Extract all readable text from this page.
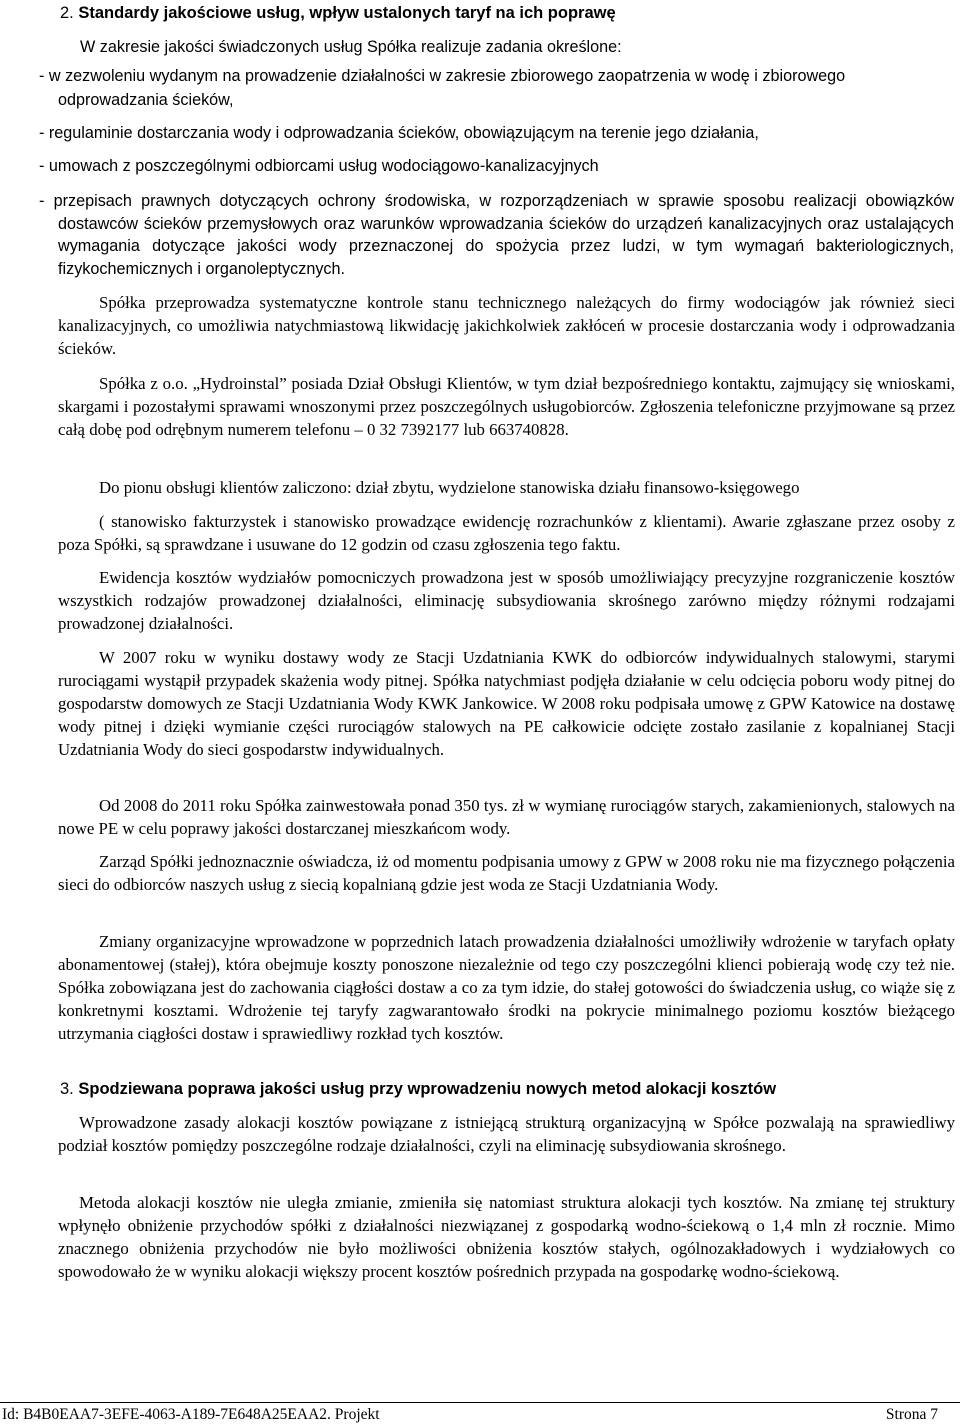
2. Standardy jakościowe usług, wpływ ustalonych taryf na ich poprawę

W zakresie jakości świadczonych usług Spółka realizuje zadania określone:

- w zezwoleniu wydanym na prowadzenie działalności w zakresie zbiorowego zaopatrzenia w wodę i zbiorowego odprowadzania ścieków,

- regulaminie dostarczania wody i odprowadzania ścieków, obowiązującym na terenie jego działania,

- umowach z poszczególnymi odbiorcami usług wodociągowo-kanalizacyjnych

- przepisach prawnych dotyczących ochrony środowiska, w rozporządzeniach w sprawie sposobu realizacji obowiązków dostawców ścieków przemysłowych oraz warunków wprowadzania ścieków do urządzeń kanalizacyjnych oraz ustalających wymagania dotyczące jakości wody przeznaczonej do spożycia przez ludzi, w tym wymagań bakteriologicznych, fizykochemicznych i organoleptycznych.

Spółka przeprowadza systematyczne kontrole stanu technicznego należących do firmy wodociągów jak również sieci kanalizacyjnych, co umożliwia natychmiastową likwidację jakichkolwiek zakłóceń w procesie dostarczania wody i odprowadzania ścieków.

Spółka z o.o. „Hydroinstal” posiada Dział Obsługi Klientów, w tym dział bezpośredniego kontaktu, zajmujący się wnioskami, skargami i pozostałymi sprawami wnoszonymi przez poszczególnych usługobiorców. Zgłoszenia telefoniczne przyjmowane są przez całą dobę pod odrębnym numerem telefonu – 0 32 7392177 lub 663740828.

Do pionu obsługi klientów zaliczono: dział zbytu, wydzielone stanowiska działu finansowo-księgowego

( stanowisko fakturzystek i stanowisko prowadzące ewidencję rozrachunków z klientami). Awarie zgłaszane przez osoby z poza Spółki, są sprawdzane i usuwane do 12 godzin od czasu zgłoszenia tego faktu.

Ewidencja kosztów wydziałów pomocniczych prowadzona jest w sposób umożliwiający precyzyjne rozgraniczenie kosztów wszystkich rodzajów prowadzonej działalności, eliminację subsydiowania skrośnego zarówno między różnymi rodzajami prowadzonej działalności.

W 2007 roku w wyniku dostawy wody ze Stacji Uzdatniania KWK do odbiorców indywidualnych stalowymi, starymi rurociągami wystąpił przypadek skażenia wody pitnej. Spółka natychmiast podjęła działanie w celu odcięcia poboru wody pitnej do gospodarstw domowych ze Stacji Uzdatniania Wody KWK Jankowice. W 2008 roku podpisała umowę z GPW Katowice na dostawę wody pitnej i dzięki wymianie części rurociągów stalowych na PE całkowicie odcięte zostało zasilanie z kopalnianej Stacji Uzdatniania Wody do sieci gospodarstw indywidualnych.

Od 2008 do 2011 roku Spółka zainwestowała ponad 350 tys. zł w wymianę rurociągów starych, zakamienionych, stalowych na nowe PE w celu poprawy jakości dostarczanej mieszkańcom wody.

Zarząd Spółki jednoznacznie oświadcza, iż od momentu podpisania umowy z GPW w 2008 roku nie ma fizycznego połączenia sieci do odbiorców naszych usług z siecią kopalnianą gdzie jest woda ze Stacji Uzdatniania Wody.

Zmiany organizacyjne wprowadzone w poprzednich latach prowadzenia działalności umożliwiły wdrożenie w taryfach opłaty abonamentowej (stałej), która obejmuje koszty ponoszone niezależnie od tego czy poszczególni klienci pobierają wodę czy też nie. Spółka zobowiązana jest do zachowania ciągłości dostaw a co za tym idzie, do stałej gotowości do świadczenia usług, co wiąże się z konkretnymi kosztami. Wdrożenie tej taryfy zagwarantowało środki na pokrycie minimalnego poziomu kosztów bieżącego utrzymania ciągłości dostaw i sprawiedliwy rozkład tych kosztów.

3. Spodziewana poprawa jakości usług przy wprowadzeniu nowych metod alokacji kosztów

Wprowadzone zasady alokacji kosztów powiązane z istniejącą strukturą organizacyjną w Spółce pozwalają na sprawiedliwy podział kosztów pomiędzy poszczególne rodzaje działalności, czyli na eliminację subsydiowania skrośnego.

Metoda alokacji kosztów nie uległa zmianie, zmieniła się natomiast struktura alokacji tych kosztów. Na zmianę tej struktury wpłynęło obniżenie przychodów spółki z działalności niezwiązanej z gospodarką wodno-ściekową o 1,4 mln zł rocznie. Mimo znacznego obniżenia przychodów nie było możliwości obniżenia kosztów stałych, ogólnozakładowych i wydziałowych co spowodowało że w wyniku alokacji większy procent kosztów pośrednich przypada na gospodarkę wodno-ściekową.

Id: B4B0EAA7-3EFE-4063-A189-7E648A25EAA2. Projekt	Strona 7
